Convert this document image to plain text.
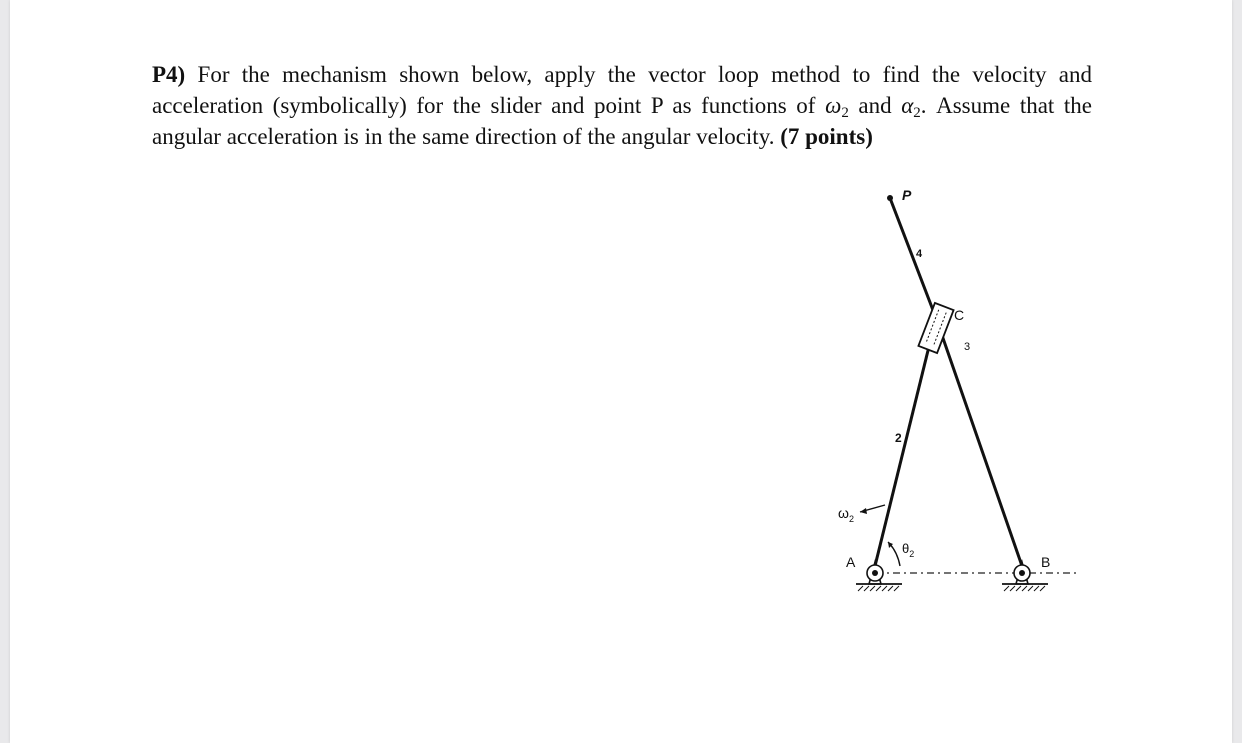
P4) For the mechanism shown below, apply the vector loop method to find the velocity and acceleration (symbolically) for the slider and point P as functions of $\omega_2$ and $\alpha_2$. Assume that the angular acceleration is in the same direction of the angular velocity. (7 points)
P
4
C
3
2
$\omega_2$
$\theta_2$
A	B
